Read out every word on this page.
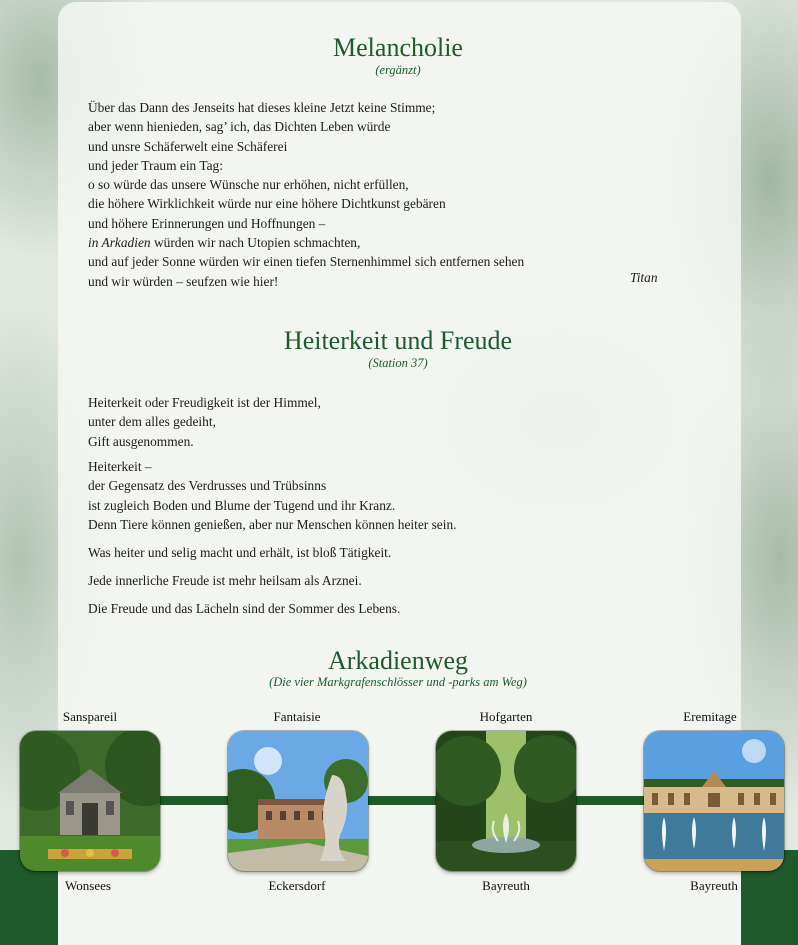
Melancholie

(ergänzt)

Über das Dann des Jenseits hat dieses kleine Jetzt keine Stimme;
aber wenn hienieden, sag’ ich, das Dichten Leben würde
und unsre Schäferwelt eine Schäferei
und jeder Traum ein Tag:
o so würde das unsere Wünsche nur erhöhen, nicht erfüllen,
die höhere Wirklichkeit würde nur eine höhere Dichtkunst gebären
und höhere Erinnerungen und Hoffnungen –
in Arkadien würden wir nach Utopien schmachten,
und auf jeder Sonne würden wir einen tiefen Sternenhimmel sich entfernen sehen
und wir würden – seufzen wie hier!	Titan
Heiterkeit und Freude

(Station 37)

Heiterkeit oder Freudigkeit ist der Himmel,
unter dem alles gedeiht,
Gift ausgenommen.
Heiterkeit –
der Gegensatz des Verdrusses und Trübsinns
ist zugleich Boden und Blume der Tugend und ihr Kranz.
Denn Tiere können genießen, aber nur Menschen können heiter sein.
Was heiter und selig macht und erhält, ist bloß Tätigkeit.
Jede innerliche Freude ist mehr heilsam als Arznei.
Die Freude und das Lächeln sind der Sommer des Lebens.
Arkadienweg

(Die vier Markgrafenschlösser und -parks am Weg)

Sanspareil	Fantaisie	Hofgarten	Eremitage
Wonsees	Eckersdorf	Bayreuth	Bayreuth
